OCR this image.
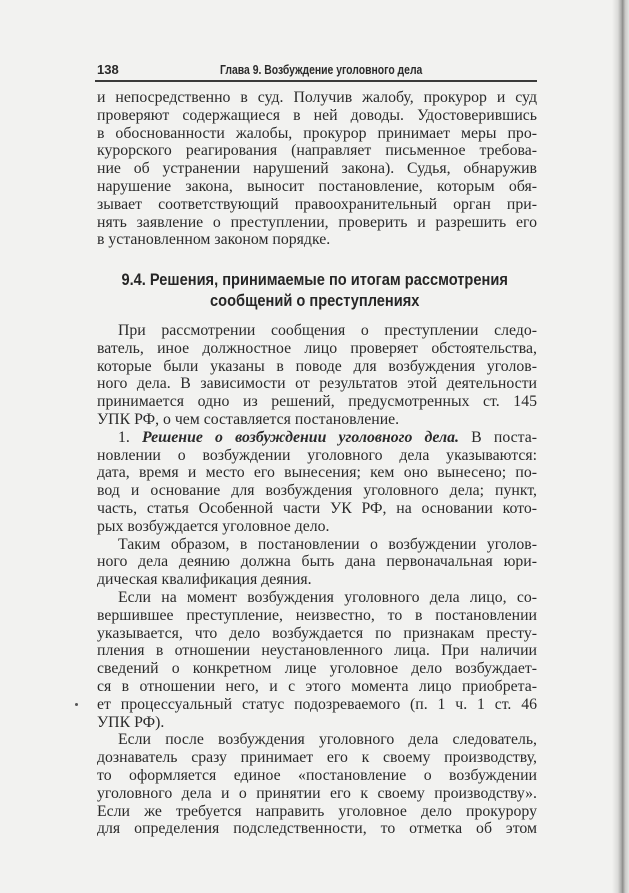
138	Глава 9. Возбуждение уголовного дела
и непосредственно в суд. Получив жалобу, прокурор и суд
проверяют содержащиеся в ней доводы. Удостоверившись
в обоснованности жалобы, прокурор принимает меры про-
курорского реагирования (направляет письменное требова-
ние об устранении нарушений закона). Судья, обнаружив
нарушение закона, выносит постановление, которым обя-
зывает соответствующий правоохранительный орган при-
нять заявление о преступлении, проверить и разрешить его
в установленном законом порядке.
9.4. Решения, принимаемые по итогам рассмотрения
сообщений о преступлениях
При рассмотрении сообщения о преступлении следо-
ватель, иное должностное лицо проверяет обстоятельства,
которые были указаны в поводе для возбуждения уголов-
ного дела. В зависимости от результатов этой деятельности
принимается одно из решений, предусмотренных ст. 145
УПК РФ, о чем составляется постановление.
1. Решение о возбуждении уголовного дела. В поста-
новлении о возбуждении уголовного дела указываются:
дата, время и место его вынесения; кем оно вынесено; по-
вод и основание для возбуждения уголовного дела; пункт,
часть, статья Особенной части УК РФ, на основании кото-
рых возбуждается уголовное дело.
Таким образом, в постановлении о возбуждении уголов-
ного дела деянию должна быть дана первоначальная юри-
дическая квалификация деяния.
Если на момент возбуждения уголовного дела лицо, со-
вершившее преступление, неизвестно, то в постановлении
указывается, что дело возбуждается по признакам престу-
пления в отношении неустановленного лица. При наличии
сведений о конкретном лице уголовное дело возбуждает-
ся в отношении него, и с этого момента лицо приобрета-
ет процессуальный статус подозреваемого (п. 1 ч. 1 ст. 46
УПК РФ).
Если после возбуждения уголовного дела следователь,
дознаватель сразу принимает его к своему производству,
то оформляется единое «постановление о возбуждении
уголовного дела и о принятии его к своему производству».
Если же требуется направить уголовное дело прокурору
для определения подследственности, то отметка об этом
